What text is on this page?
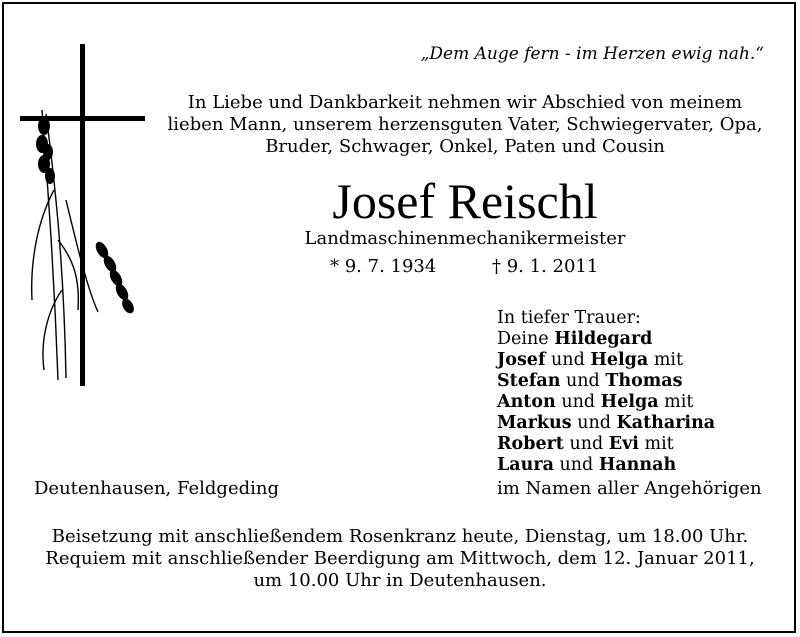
„Dem Auge fern - im Herzen ewig nah.“
In Liebe und Dankbarkeit nehmen wir Abschied von meinem
lieben Mann, unserem herzensguten Vater, Schwiegervater, Opa,
Bruder, Schwager, Onkel, Paten und Cousin
Josef Reischl
Landmaschinenmechanikermeister
* 9. 7. 1934	† 9. 1. 2011
In tiefer Trauer:
Deine Hildegard
Josef und Helga mit
Stefan und Thomas
Anton und Helga mit
Markus und Katharina
Robert und Evi mit
Laura und Hannah
Deutenhausen, Feldgeding	im Namen aller Angehörigen
Beisetzung mit anschließendem Rosenkranz heute, Dienstag, um 18.00 Uhr.
Requiem mit anschließender Beerdigung am Mittwoch, dem 12. Januar 2011,
um 10.00 Uhr in Deutenhausen.
